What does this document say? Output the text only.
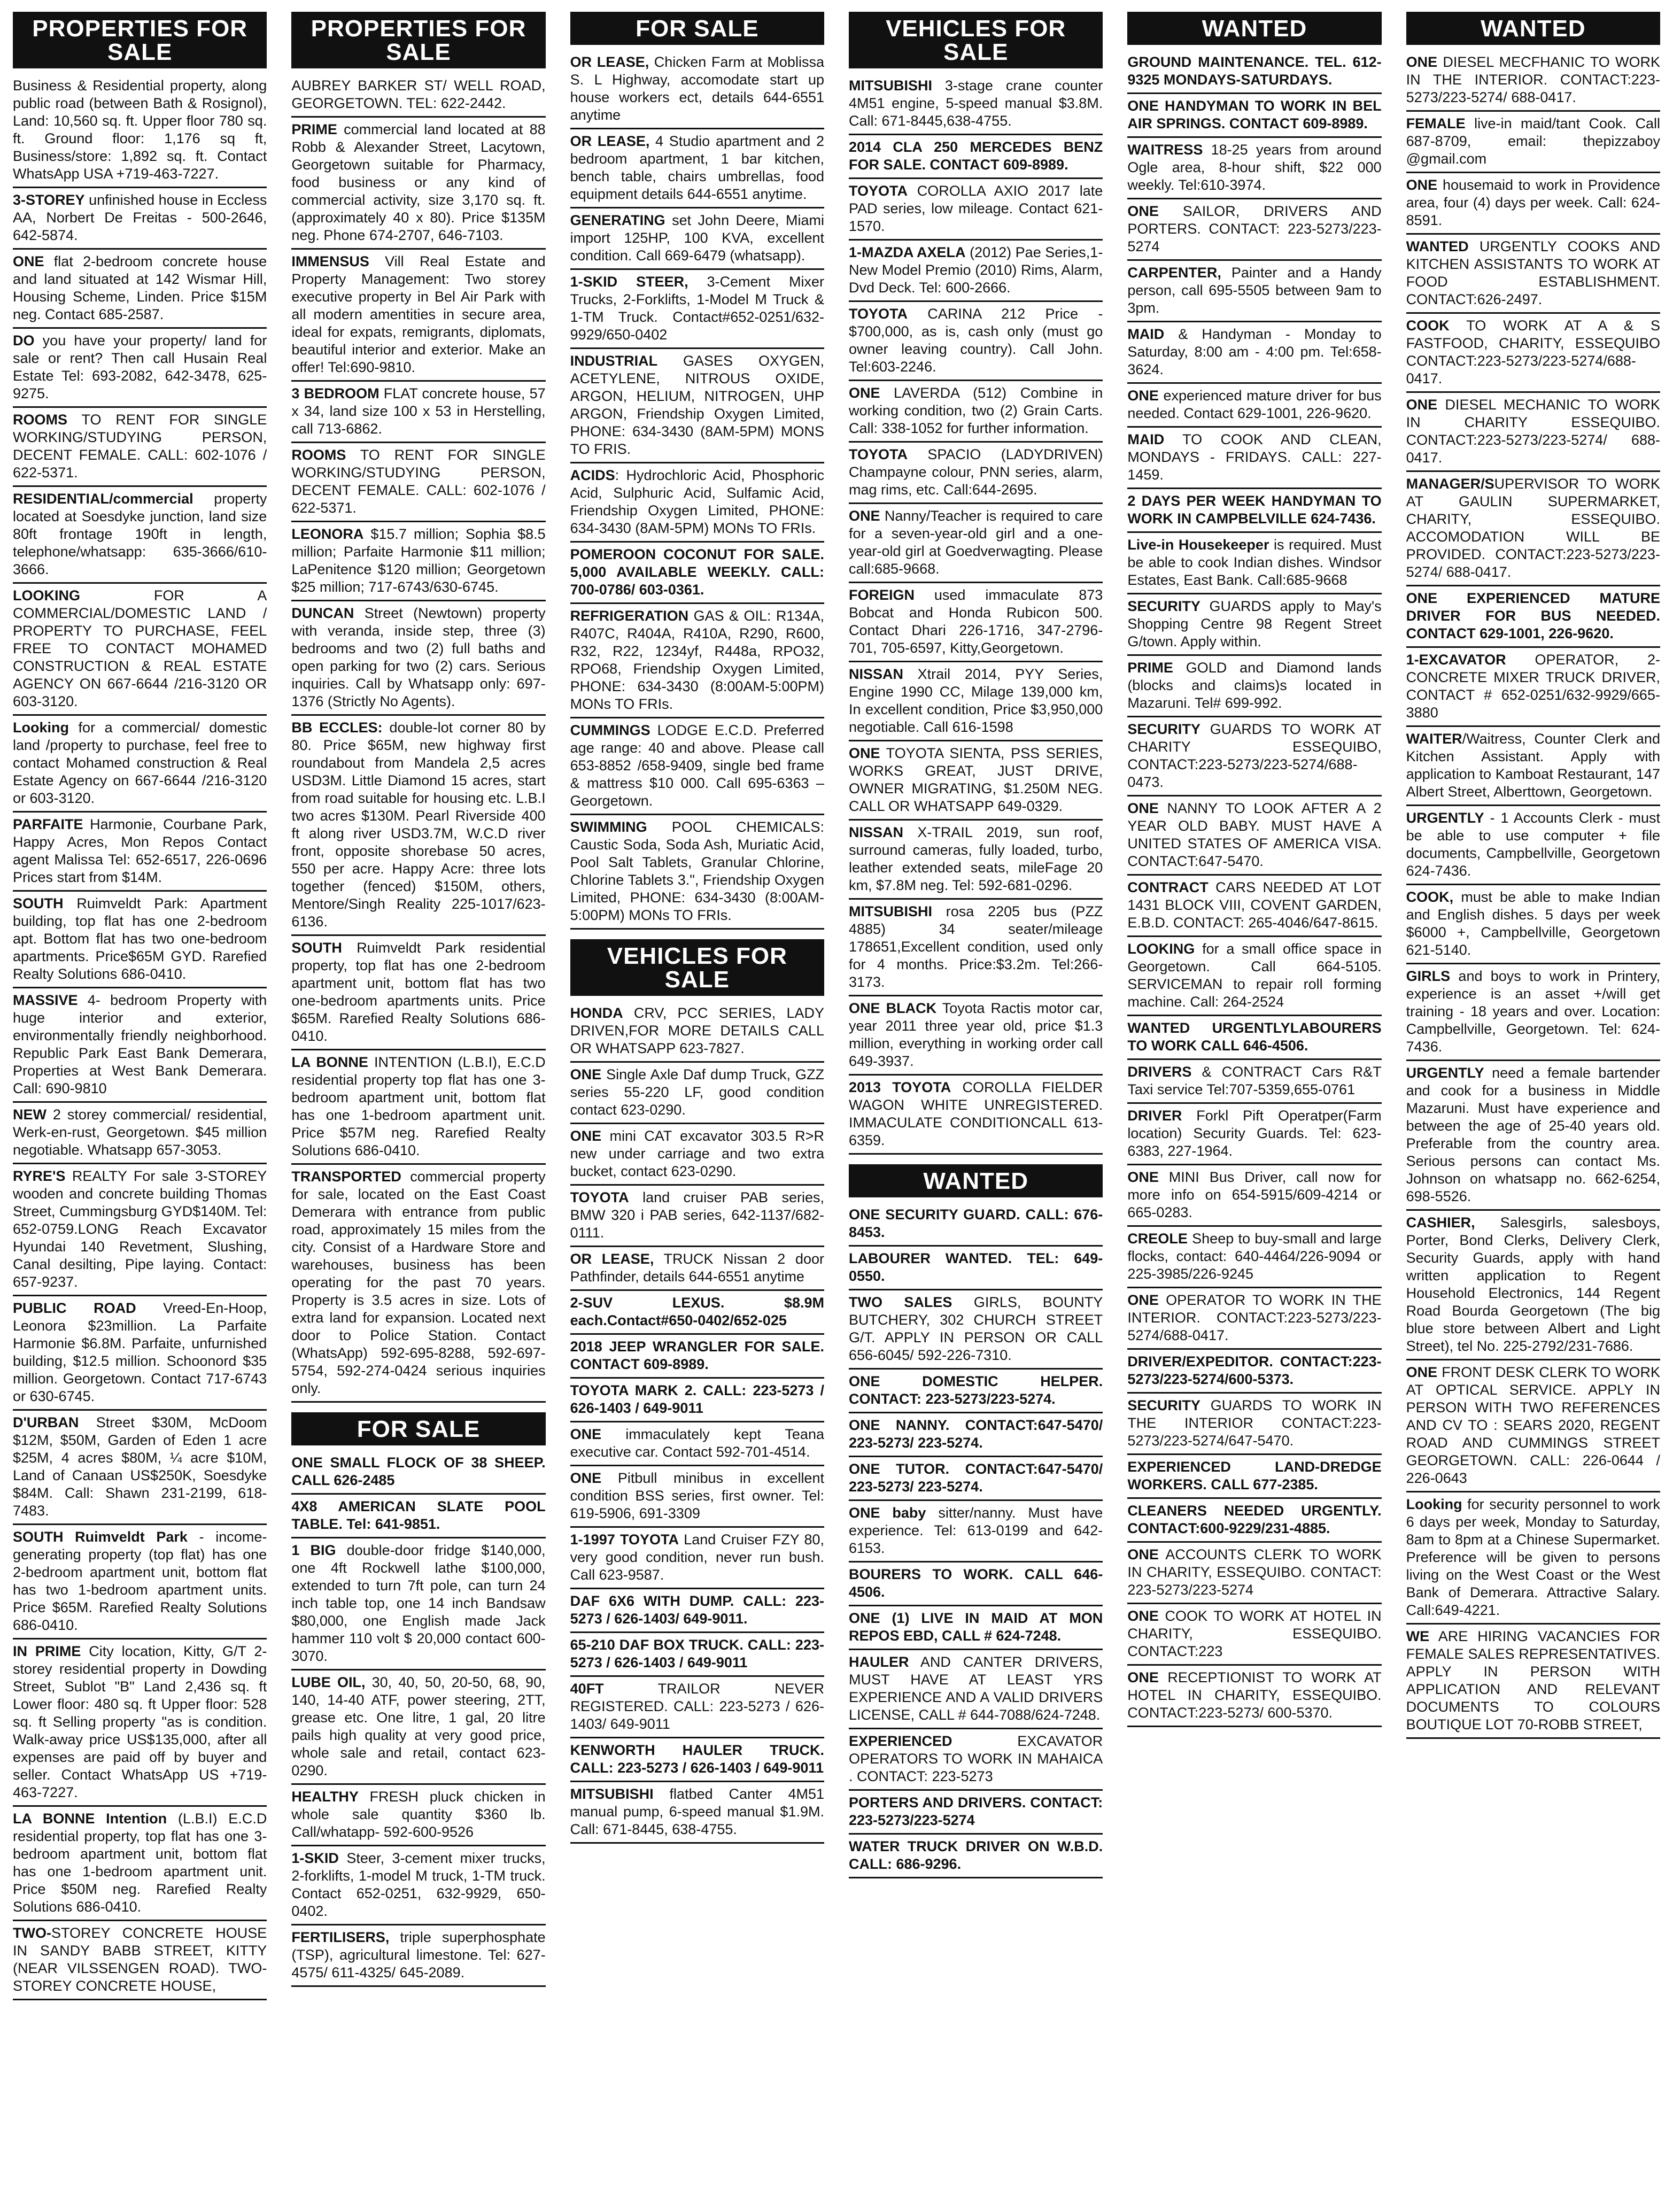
PROPERTIES FOR SALE
Business & Residential property, along public road (between Bath & Rosignol), Land: 10,560 sq. ft. Upper floor 780 sq. ft. Ground floor: 1,176 sq ft, Business/store: 1,892 sq. ft. Contact WhatsApp USA +719-463-7227.
3-STOREY unfinished house in Eccless AA, Norbert De Freitas - 500-2646, 642-5874.
ONE flat 2-bedroom concrete house and land situated at 142 Wismar Hill, Housing Scheme, Linden. Price $15M neg. Contact 685-2587.
DO you have your property/ land for sale or rent? Then call Husain Real Estate Tel: 693-2082, 642-3478, 625-9275.
ROOMS TO RENT FOR SINGLE WORKING/STUDYING PERSON, DECENT FEMALE. CALL: 602-1076 / 622-5371.
RESIDENTIAL/commercial property located at Soesdyke junction, land size 80ft frontage 190ft in length, telephone/whatsapp: 635-3666/610-3666.
LOOKING FOR A COMMERCIAL/DOMESTIC LAND / PROPERTY TO PURCHASE, FEEL FREE TO CONTACT MOHAMED CONSTRUCTION & REAL ESTATE AGENCY ON 667-6644 /216-3120 OR 603-3120.
Looking for a commercial/ domestic land /property to purchase, feel free to contact Mohamed construction & Real Estate Agency on 667-6644 /216-3120 or 603-3120.
PARFAITE Harmonie, Courbane Park, Happy Acres, Mon Repos Contact agent Malissa Tel: 652-6517, 226-0696 Prices start from $14M.
SOUTH Ruimveldt Park: Apartment building, top flat has one 2-bedroom apt. Bottom flat has two one-bedroom apartments. Price$65M GYD. Rarefied Realty Solutions 686-0410.
MASSIVE 4- bedroom Property with huge interior and exterior, environmentally friendly neighborhood. Republic Park East Bank Demerara, Properties at West Bank Demerara. Call: 690-9810
NEW 2 storey commercial/ residential, Werk-en-rust, Georgetown. $45 million negotiable. Whatsapp 657-3053.
RYRE'S REALTY For sale 3-STOREY wooden and concrete building Thomas Street, Cummingsburg GYD$140M. Tel: 652-0759.LONG Reach Excavator Hyundai 140 Revetment, Slushing, Canal desilting, Pipe laying. Contact: 657-9237.
PUBLIC ROAD Vreed-En-Hoop, Leonora $23million. La Parfaite Harmonie $6.8M. Parfaite, unfurnished building, $12.5 million. Schoonord $35 million. Georgetown. Contact 717-6743 or 630-6745.
D'URBAN Street $30M, McDoom $12M, $50M, Garden of Eden 1 acre $25M, 4 acres $80M, ¼ acre $10M, Land of Canaan US$250K, Soesdyke $84M. Call: Shawn 231-2199, 618-7483.
SOUTH Ruimveldt Park - income-generating property (top flat) has one 2-bedroom apartment unit, bottom flat has two 1-bedroom apartment units. Price $65M. Rarefied Realty Solutions 686-0410.
IN PRIME City location, Kitty, G/T 2-storey residential property in Dowding Street, Sublot "B" Land 2,436 sq. ft Lower floor: 480 sq. ft Upper floor: 528 sq. ft Selling property "as is condition. Walk-away price US$135,000, after all expenses are paid off by buyer and seller. Contact WhatsApp US +719-463-7227.
LA BONNE Intention (L.B.I) E.C.D residential property, top flat has one 3-bedroom apartment unit, bottom flat has one 1-bedroom apartment unit. Price $50M neg. Rarefied Realty Solutions 686-0410.
TWO-STOREY CONCRETE HOUSE IN SANDY BABB STREET, KITTY (NEAR VILSSENGEN ROAD). TWO-STOREY CONCRETE HOUSE,
PROPERTIES FOR SALE
AUBREY BARKER ST/ WELL ROAD, GEORGETOWN. TEL: 622-2442.
PRIME commercial land located at 88 Robb & Alexander Street, Lacytown, Georgetown suitable for Pharmacy, food business or any kind of commercial activity, size 3,170 sq. ft. (approximately 40 x 80). Price $135M neg. Phone 674-2707, 646-7103.
IMMENSUS Vill Real Estate and Property Management: Two storey executive property in Bel Air Park with all modern amentities in secure area, ideal for expats, remigrants, diplomats, beautiful interior and exterior. Make an offer! Tel:690-9810.
3 BEDROOM FLAT concrete house, 57 x 34, land size 100 x 53 in Herstelling, call 713-6862.
ROOMS TO RENT FOR SINGLE WORKING/STUDYING PERSON, DECENT FEMALE. CALL: 602-1076 / 622-5371.
LEONORA $15.7 million; Sophia $8.5 million; Parfaite Harmonie $11 million; LaPenitence $120 million; Georgetown $25 million; 717-6743/630-6745.
DUNCAN Street (Newtown) property with veranda, inside step, three (3) bedrooms and two (2) full baths and open parking for two (2) cars. Serious inquiries. Call by Whatsapp only: 697-1376 (Strictly No Agents).
BB ECCLES: double-lot corner 80 by 80. Price $65M, new highway first roundabout from Mandela 2,5 acres USD3M. Little Diamond 15 acres, start from road suitable for housing etc. L.B.I two acres $130M. Pearl Riverside 400 ft along river USD3.7M, W.C.D river front, opposite shorebase 50 acres, 550 per acre. Happy Acre: three lots together (fenced) $150M, others, Mentore/Singh Reality 225-1017/623-6136.
SOUTH Ruimveldt Park residential property, top flat has one 2-bedroom apartment unit, bottom flat has two one-bedroom apartments units. Price $65M. Rarefied Realty Solutions 686-0410.
LA BONNE INTENTION (L.B.I), E.C.D residential property top flat has one 3-bedroom apartment unit, bottom flat has one 1-bedroom apartment unit. Price $57M neg. Rarefied Realty Solutions 686-0410.
TRANSPORTED commercial property for sale, located on the East Coast Demerara with entrance from public road, approximately 15 miles from the city. Consist of a Hardware Store and warehouses, business has been operating for the past 70 years. Property is 3.5 acres in size. Lots of extra land for expansion. Located next door to Police Station. Contact (WhatsApp) 592-695-8288, 592-697-5754, 592-274-0424 serious inquiries only.
FOR SALE
ONE SMALL FLOCK OF 38 SHEEP. CALL 626-2485
4X8 AMERICAN SLATE POOL TABLE. Tel: 641-9851.
1 BIG double-door fridge $140,000, one 4ft Rockwell lathe $100,000, extended to turn 7ft pole, can turn 24 inch table top, one 14 inch Bandsaw $80,000, one English made Jack hammer 110 volt $ 20,000 contact 600-3070.
LUBE OIL, 30, 40, 50, 20-50, 68, 90, 140, 14-40 ATF, power steering, 2TT, grease etc. One litre, 1 gal, 20 litre pails high quality at very good price, whole sale and retail, contact 623-0290.
HEALTHY FRESH pluck chicken in whole sale quantity $360 lb. Call/whatapp- 592-600-9526
1-SKID Steer, 3-cement mixer trucks, 2-forklifts, 1-model M truck, 1-TM truck. Contact 652-0251, 632-9929, 650-0402.
FERTILISERS, triple superphosphate (TSP), agricultural limestone. Tel: 627-4575/ 611-4325/ 645-2089.
FOR SALE
OR LEASE, Chicken Farm at Moblissa S. L Highway, accomodate start up house workers ect, details 644-6551 anytime
OR LEASE, 4 Studio apartment and 2 bedroom apartment, 1 bar kitchen, bench table, chairs umbrellas, food equipment details 644-6551 anytime.
GENERATING set John Deere, Miami import 125HP, 100 KVA, excellent condition. Call 669-6479 (whatsapp).
1-SKID STEER, 3-Cement Mixer Trucks, 2-Forklifts, 1-Model M Truck & 1-TM Truck. Contact#652-0251/632-9929/650-0402
INDUSTRIAL GASES OXYGEN, ACETYLENE, NITROUS OXIDE, ARGON, HELIUM, NITROGEN, UHP ARGON, Friendship Oxygen Limited, PHONE: 634-3430 (8AM-5PM) MONS TO FRIS.
ACIDS: Hydrochloric Acid, Phosphoric Acid, Sulphuric Acid, Sulfamic Acid, Friendship Oxygen Limited, PHONE: 634-3430 (8AM-5PM) MONs TO FRIs.
POMEROON COCONUT FOR SALE. 5,000 AVAILABLE WEEKLY. CALL: 700-0786/ 603-0361.
REFRIGERATION GAS & OIL: R134A, R407C, R404A, R410A, R290, R600, R32, R22, 1234yf, R448a, RPO32, RPO68, Friendship Oxygen Limited, PHONE: 634-3430 (8:00AM-5:00PM) MONs TO FRIs.
CUMMINGS LODGE E.C.D. Preferred age range: 40 and above. Please call 653-8852 /658-9409, single bed frame & mattress $10 000. Call 695-6363 – Georgetown.
SWIMMING POOL CHEMICALS: Caustic Soda, Soda Ash, Muriatic Acid, Pool Salt Tablets, Granular Chlorine, Chlorine Tablets 3.", Friendship Oxygen Limited, PHONE: 634-3430 (8:00AM-5:00PM) MONs TO FRIs.
VEHICLES FOR SALE
HONDA CRV, PCC SERIES, LADY DRIVEN,FOR MORE DETAILS CALL OR WHATSAPP 623-7827.
ONE Single Axle Daf dump Truck, GZZ series 55-220 LF, good condition contact 623-0290.
ONE mini CAT excavator 303.5 R>R new under carriage and two extra bucket, contact 623-0290.
TOYOTA land cruiser PAB series, BMW 320 i PAB series, 642-1137/682-0111.
OR LEASE, TRUCK Nissan 2 door Pathfinder, details 644-6551 anytime
2-SUV LEXUS. $8.9M each.Contact#650-0402/652-025
2018 JEEP WRANGLER FOR SALE. CONTACT 609-8989.
TOYOTA MARK 2. CALL: 223-5273 / 626-1403 / 649-9011
ONE immaculately kept Teana executive car. Contact 592-701-4514.
ONE Pitbull minibus in excellent condition BSS series, first owner. Tel: 619-5906, 691-3309
1-1997 TOYOTA Land Cruiser FZY 80, very good condition, never run bush. Call 623-9587.
DAF 6X6 WITH DUMP. CALL: 223-5273 / 626-1403/ 649-9011.
65-210 DAF BOX TRUCK. CALL: 223-5273 / 626-1403 / 649-9011
40FT TRAILOR NEVER REGISTERED. CALL: 223-5273 / 626-1403/ 649-9011
KENWORTH HAULER TRUCK. CALL: 223-5273 / 626-1403 / 649-9011
MITSUBISHI flatbed Canter 4M51 manual pump, 6-speed manual $1.9M. Call: 671-8445, 638-4755.
VEHICLES FOR SALE
MITSUBISHI 3-stage crane counter 4M51 engine, 5-speed manual $3.8M. Call: 671-8445,638-4755.
2014 CLA 250 MERCEDES BENZ FOR SALE. CONTACT 609-8989.
TOYOTA COROLLA AXIO 2017 late PAD series, low mileage. Contact 621-1570.
1-MAZDA AXELA (2012) Pae Series,1- New Model Premio (2010) Rims, Alarm, Dvd Deck. Tel: 600-2666.
TOYOTA CARINA 212 Price - $700,000, as is, cash only (must go owner leaving country). Call John. Tel:603-2246.
ONE LAVERDA (512) Combine in working condition, two (2) Grain Carts. Call: 338-1052 for further information.
TOYOTA SPACIO (LADYDRIVEN) Champayne colour, PNN series, alarm, mag rims, etc. Call:644-2695.
ONE Nanny/Teacher is required to care for a seven-year-old girl and a one-year-old girl at Goedverwagting. Please call:685-9668.
FOREIGN used immaculate 873 Bobcat and Honda Rubicon 500. Contact Dhari 226-1716, 347-2796-701, 705-6597, Kitty,Georgetown.
NISSAN Xtrail 2014, PYY Series, Engine 1990 CC, Milage 139,000 km, In excellent condition, Price $3,950,000 negotiable. Call 616-1598
ONE TOYOTA SIENTA, PSS SERIES, WORKS GREAT, JUST DRIVE, OWNER MIGRATING, $1.250M NEG. CALL OR WHATSAPP 649-0329.
NISSAN X-TRAIL 2019, sun roof, surround cameras, fully loaded, turbo, leather extended seats, mileFage 20 km, $7.8M neg. Tel: 592-681-0296.
MITSUBISHI rosa 2205 bus (PZZ 4885) 34 seater/mileage 178651,Excellent condition, used only for 4 months. Price:$3.2m. Tel:266-3173.
ONE BLACK Toyota Ractis motor car, year 2011 three year old, price $1.3 million, everything in working order call 649-3937.
2013 TOYOTA COROLLA FIELDER WAGON WHITE UNREGISTERED. IMMACULATE CONDITIONCALL 613-6359.
WANTED
ONE SECURITY GUARD. CALL: 676-8453.
LABOURER WANTED. TEL: 649-0550.
TWO SALES GIRLS, BOUNTY BUTCHERY, 302 CHURCH STREET G/T. APPLY IN PERSON OR CALL 656-6045/ 592-226-7310.
ONE DOMESTIC HELPER. CONTACT: 223-5273/223-5274.
ONE NANNY. CONTACT:647-5470/ 223-5273/ 223-5274.
ONE TUTOR. CONTACT:647-5470/ 223-5273/ 223-5274.
ONE baby sitter/nanny. Must have experience. Tel: 613-0199 and 642-6153.
BOURERS TO WORK. CALL 646-4506.
ONE (1) LIVE IN MAID AT MON REPOS EBD, CALL # 624-7248.
HAULER AND CANTER DRIVERS, MUST HAVE AT LEAST YRS EXPERIENCE AND A VALID DRIVERS LICENSE, CALL # 644-7088/624-7248.
EXPERIENCED EXCAVATOR OPERATORS TO WORK IN MAHAICA . CONTACT: 223-5273
PORTERS AND DRIVERS. CONTACT: 223-5273/223-5274
WATER TRUCK DRIVER ON W.B.D. CALL: 686-9296.
WANTED
GROUND MAINTENANCE. TEL. 612-9325 MONDAYS-SATURDAYS.
ONE HANDYMAN TO WORK IN BEL AIR SPRINGS. CONTACT 609-8989.
WAITRESS 18-25 years from around Ogle area, 8-hour shift, $22 000 weekly. Tel:610-3974.
ONE SAILOR, DRIVERS AND PORTERS. CONTACT: 223-5273/223-5274
CARPENTER, Painter and a Handy person, call 695-5505 between 9am to 3pm.
MAID & Handyman - Monday to Saturday, 8:00 am - 4:00 pm. Tel:658-3624.
ONE experienced mature driver for bus needed. Contact 629-1001, 226-9620.
MAID TO COOK AND CLEAN, MONDAYS - FRIDAYS. CALL: 227-1459.
2 DAYS PER WEEK HANDYMAN TO WORK IN CAMPBELVILLE 624-7436.
Live-in Housekeeper is required. Must be able to cook Indian dishes. Windsor Estates, East Bank. Call:685-9668
SECURITY GUARDS apply to May's Shopping Centre 98 Regent Street G/town. Apply within.
PRIME GOLD and Diamond lands (blocks and claims)s located in Mazaruni. Tel# 699-992.
SECURITY GUARDS TO WORK AT CHARITY ESSEQUIBO, CONTACT:223-5273/223-5274/688-0473.
ONE NANNY TO LOOK AFTER A 2 YEAR OLD BABY. MUST HAVE A UNITED STATES OF AMERICA VISA. CONTACT:647-5470.
CONTRACT CARS NEEDED AT LOT 1431 BLOCK VIII, COVENT GARDEN, E.B.D. CONTACT: 265-4046/647-8615.
LOOKING for a small office space in Georgetown. Call 664-5105. SERVICEMAN to repair roll forming machine. Call: 264-2524
WANTED URGENTLYLABOURERS TO WORK CALL 646-4506.
DRIVERS & CONTRACT Cars R&T Taxi service Tel:707-5359,655-0761
DRIVER Forkl Pift Operatper(Farm location) Security Guards. Tel: 623-6383, 227-1964.
ONE MINI Bus Driver, call now for more info on 654-5915/609-4214 or 665-0283.
CREOLE Sheep to buy-small and large flocks, contact: 640-4464/226-9094 or 225-3985/226-9245
ONE OPERATOR TO WORK IN THE INTERIOR. CONTACT:223-5273/223-5274/688-0417.
DRIVER/EXPEDITOR. CONTACT:223-5273/223-5274/600-5373.
SECURITY GUARDS TO WORK IN THE INTERIOR CONTACT:223-5273/223-5274/647-5470.
EXPERIENCED LAND-DREDGE WORKERS. CALL 677-2385.
CLEANERS NEEDED URGENTLY. CONTACT:600-9229/231-4885.
ONE ACCOUNTS CLERK TO WORK IN CHARITY, ESSEQUIBO. CONTACT: 223-5273/223-5274
ONE COOK TO WORK AT HOTEL IN CHARITY, ESSEQUIBO. CONTACT:223
ONE RECEPTIONIST TO WORK AT HOTEL IN CHARITY, ESSEQUIBO. CONTACT:223-5273/ 600-5370.
WANTED
ONE DIESEL MECFHANIC TO WORK IN THE INTERIOR. CONTACT:223-5273/223-5274/ 688-0417.
FEMALE live-in maid/tant Cook. Call 687-8709, email: thepizzaboy @gmail.com
ONE housemaid to work in Providence area, four (4) days per week. Call: 624-8591.
WANTED URGENTLY COOKS AND KITCHEN ASSISTANTS TO WORK AT FOOD ESTABLISHMENT. CONTACT:626-2497.
COOK TO WORK AT A & S FASTFOOD, CHARITY, ESSEQUIBO CONTACT:223-5273/223-5274/688-0417.
ONE DIESEL MECHANIC TO WORK IN CHARITY ESSEQUIBO. CONTACT:223-5273/223-5274/ 688-0417.
MANAGER/SUPERVISOR TO WORK AT GAULIN SUPERMARKET, CHARITY, ESSEQUIBO. ACCOMODATION WILL BE PROVIDED. CONTACT:223-5273/223-5274/ 688-0417.
ONE EXPERIENCED MATURE DRIVER FOR BUS NEEDED. CONTACT 629-1001, 226-9620.
1-EXCAVATOR OPERATOR, 2- CONCRETE MIXER TRUCK DRIVER, CONTACT # 652-0251/632-9929/665-3880
WAITER/Waitress, Counter Clerk and Kitchen Assistant. Apply with application to Kamboat Restaurant, 147 Albert Street, Alberttown, Georgetown.
URGENTLY - 1 Accounts Clerk - must be able to use computer + file documents, Campbellville, Georgetown 624-7436.
COOK, must be able to make Indian and English dishes. 5 days per week $6000 +, Campbellville, Georgetown 621-5140.
GIRLS and boys to work in Printery, experience is an asset +/will get training - 18 years and over. Location: Campbellville, Georgetown. Tel: 624-7436.
URGENTLY need a female bartender and cook for a business in Middle Mazaruni. Must have experience and between the age of 25-40 years old. Preferable from the country area. Serious persons can contact Ms. Johnson on whatsapp no. 662-6254, 698-5526.
CASHIER, Salesgirls, salesboys, Porter, Bond Clerks, Delivery Clerk, Security Guards, apply with hand written application to Regent Household Electronics, 144 Regent Road Bourda Georgetown (The big blue store between Albert and Light Street), tel No. 225-2792/231-7686.
ONE FRONT DESK CLERK TO WORK AT OPTICAL SERVICE. APPLY IN PERSON WITH TWO REFERENCES AND CV TO : SEARS 2020, REGENT ROAD AND CUMMINGS STREET GEORGETOWN. CALL: 226-0644 / 226-0643
Looking for security personnel to work 6 days per week, Monday to Saturday, 8am to 8pm at a Chinese Supermarket. Preference will be given to persons living on the West Coast or the West Bank of Demerara. Attractive Salary. Call:649-4221.
WE ARE HIRING VACANCIES FOR FEMALE SALES REPRESENTATIVES. APPLY IN PERSON WITH APPLICATION AND RELEVANT DOCUMENTS TO COLOURS BOUTIQUE LOT 70-ROBB STREET,
